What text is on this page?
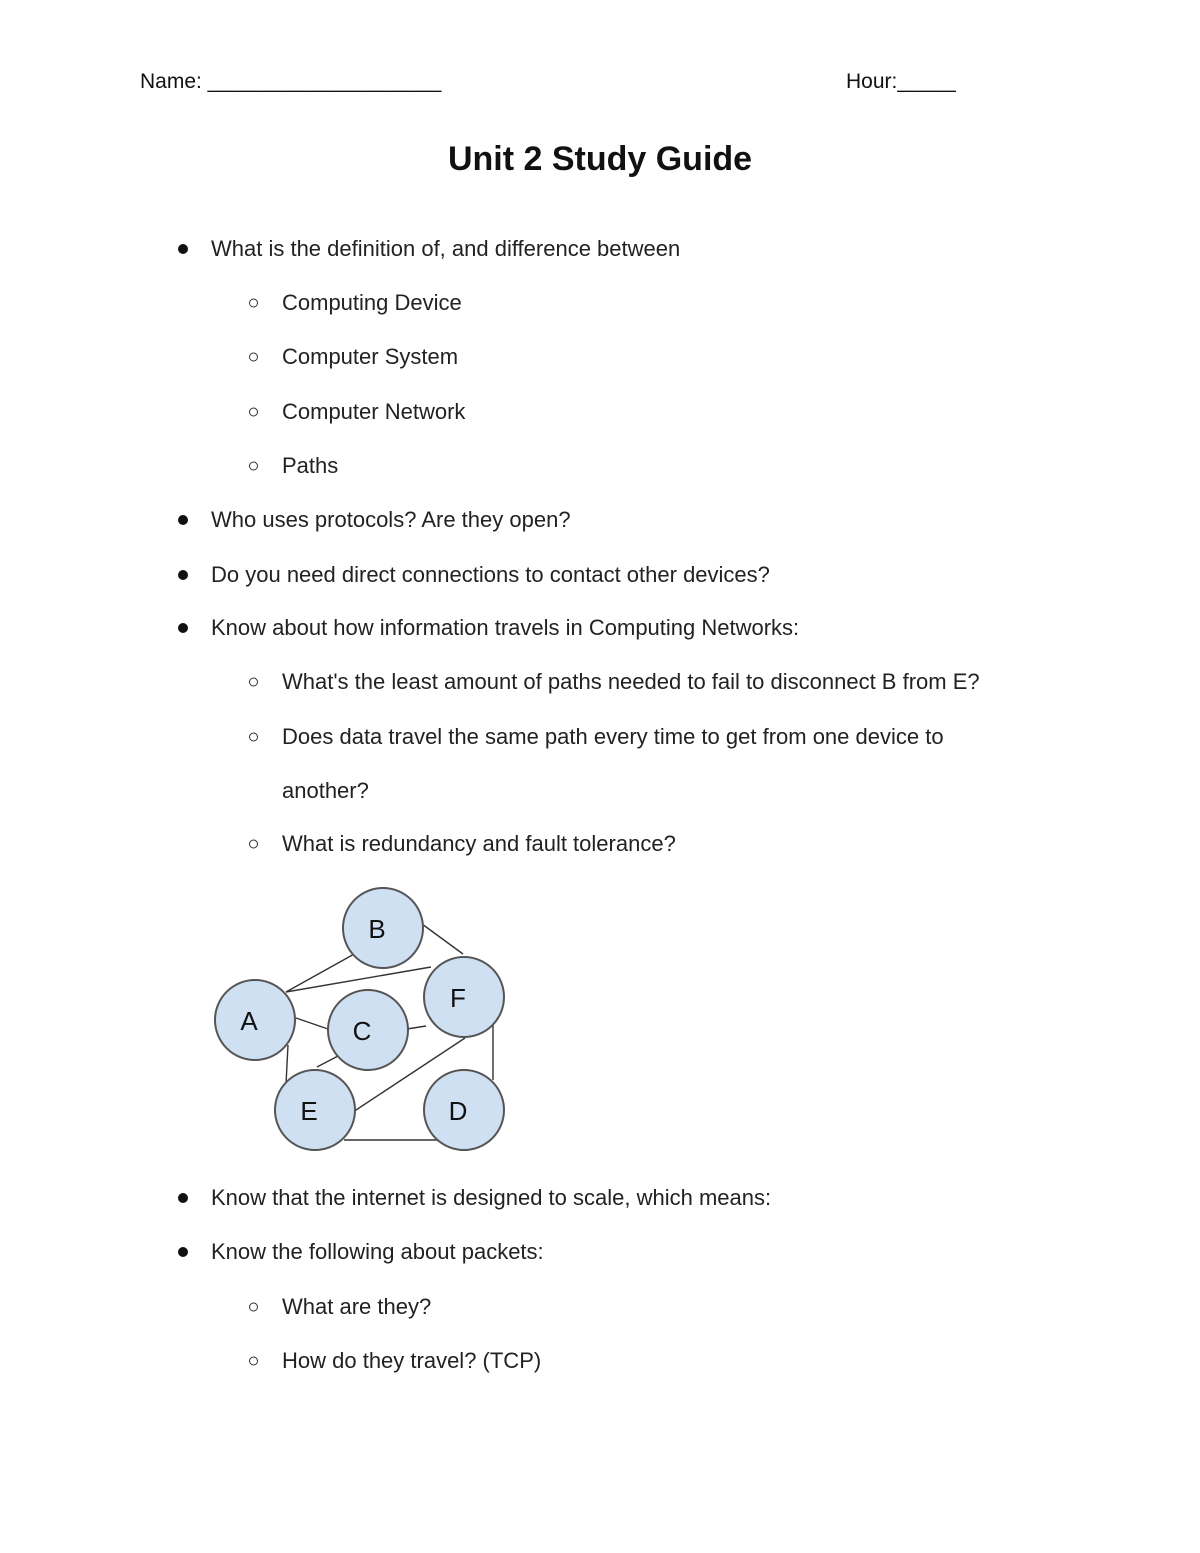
Name: ____________________	Hour:_____
Unit 2 Study Guide
What is the definition of, and difference between
Computing Device
Computer System
Computer Network
Paths
Who uses protocols? Are they open?
Do you need direct connections to contact other devices?
Know about how information travels in Computing Networks:
What's the least amount of paths needed to fail to disconnect B from E?
Does data travel the same path every time to get from one device to
another?
What is redundancy and fault tolerance?
B
A	C
F
E	D
Know that the internet is designed to scale, which means:
Know the following about packets:
What are they?
How do they travel? (TCP)
